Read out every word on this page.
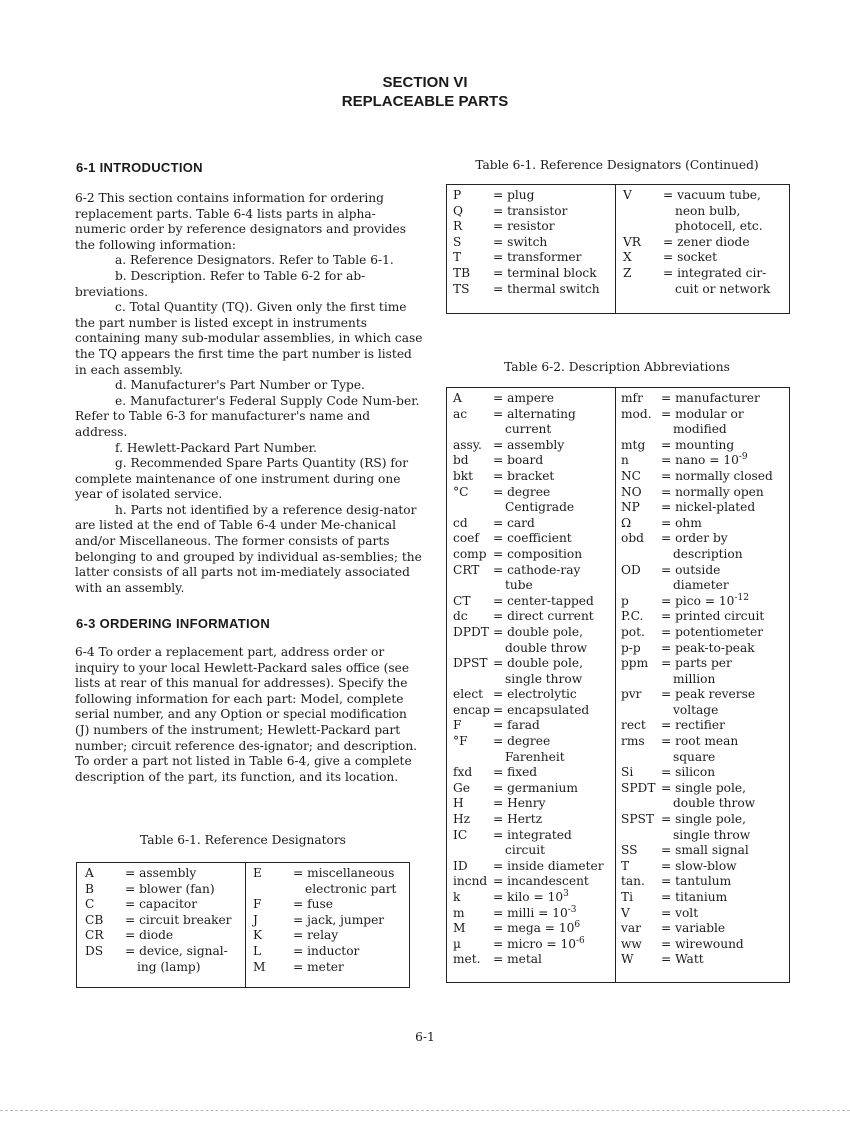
SECTION VI
REPLACEABLE PARTS
6-1 INTRODUCTION

6-2 This section contains information for ordering replacement parts. Table 6-4 lists parts in alpha-numeric order by reference designators and provides the following information:

a. Reference Designators. Refer to Table 6-1.

b. Description. Refer to Table 6-2 for ab-breviations.

c. Total Quantity (TQ). Given only the first time the part number is listed except in instruments containing many sub-modular assemblies, in which case the TQ appears the first time the part number is listed in each assembly.

d. Manufacturer's Part Number or Type.

e. Manufacturer's Federal Supply Code Num-ber. Refer to Table 6-3 for manufacturer's name and address.

f. Hewlett-Packard Part Number.

g. Recommended Spare Parts Quantity (RS) for complete maintenance of one instrument during one year of isolated service.

h. Parts not identified by a reference desig-nator are listed at the end of Table 6-4 under Me-chanical and/or Miscellaneous. The former consists of parts belonging to and grouped by individual as-semblies; the latter consists of all parts not im-mediately associated with an assembly.

6-3 ORDERING INFORMATION

6-4 To order a replacement part, address order or inquiry to your local Hewlett-Packard sales office (see lists at rear of this manual for addresses). Specify the following information for each part: Model, complete serial number, and any Option or special modification (J) numbers of the instrument; Hewlett-Packard part number; circuit reference des-ignator; and description. To order a part not listed in Table 6-4, give a complete description of the part, its function, and its location.

Table 6-1. Reference Designators
A	= assembly
B	= blower (fan)
C	= capacitor
CB = circuit breaker
CR = diode
DS = device, signal-
ing (lamp)
E	= miscellaneous
electronic part
F	= fuse
J	= jack, jumper
K	= relay
L	= inductor
M = meter
Table 6-1. Reference Designators (Continued)
P	= plug
Q = transistor
R	= resistor
S	= switch
T	= transformer
TB = terminal block
TS = thermal switch
V	= vacuum tube,
neon bulb,
photocell, etc.
VR = zener diode
X	= socket
Z	= integrated cir-
cuit or network
Table 6-2. Description Abbreviations
A	= ampere
ac = alternating
current
assy. = assembly
bd = board
bkt = bracket
°C = degree
Centigrade
cd = card
coef = coefficient
comp = composition
CRT = cathode-ray
tube
CT = center-tapped
dc = direct current
DPDT = double pole,
double throw
DPST = double pole,
single throw
elect = electrolytic
encap = encapsulated
F	= farad
°F = degree
Farenheit
fxd = fixed
Ge = germanium
H = Henry
Hz = Hertz
IC = integrated
circuit
ID = inside diameter
incnd = incandescent
k	= kilo = $10^3$
m = milli = $10^{-3}$
M = mega = $10^6$
µ	= micro = $10^{-6}$
met. = metal
mfr = manufacturer
mod. = modular or
modified
mtg = mounting
n	= nano = $10^{-9}$
NC = normally closed
NO = normally open
NP = nickel-plated
Ω = ohm
obd = order by
description
OD = outside
diameter
p	= pico = $10^{-12}$
P.C. = printed circuit
pot. = potentiometer
p-p = peak-to-peak
ppm = parts per
million
pvr = peak reverse
voltage
rect = rectifier
rms = root mean
square
Si = silicon
SPDT = single pole,
double throw
SPST = single pole,
single throw
SS = small signal
T	= slow-blow
tan. = tantulum
Ti = titanium
V	= volt
var = variable
ww = wirewound
W = Watt
6-1
